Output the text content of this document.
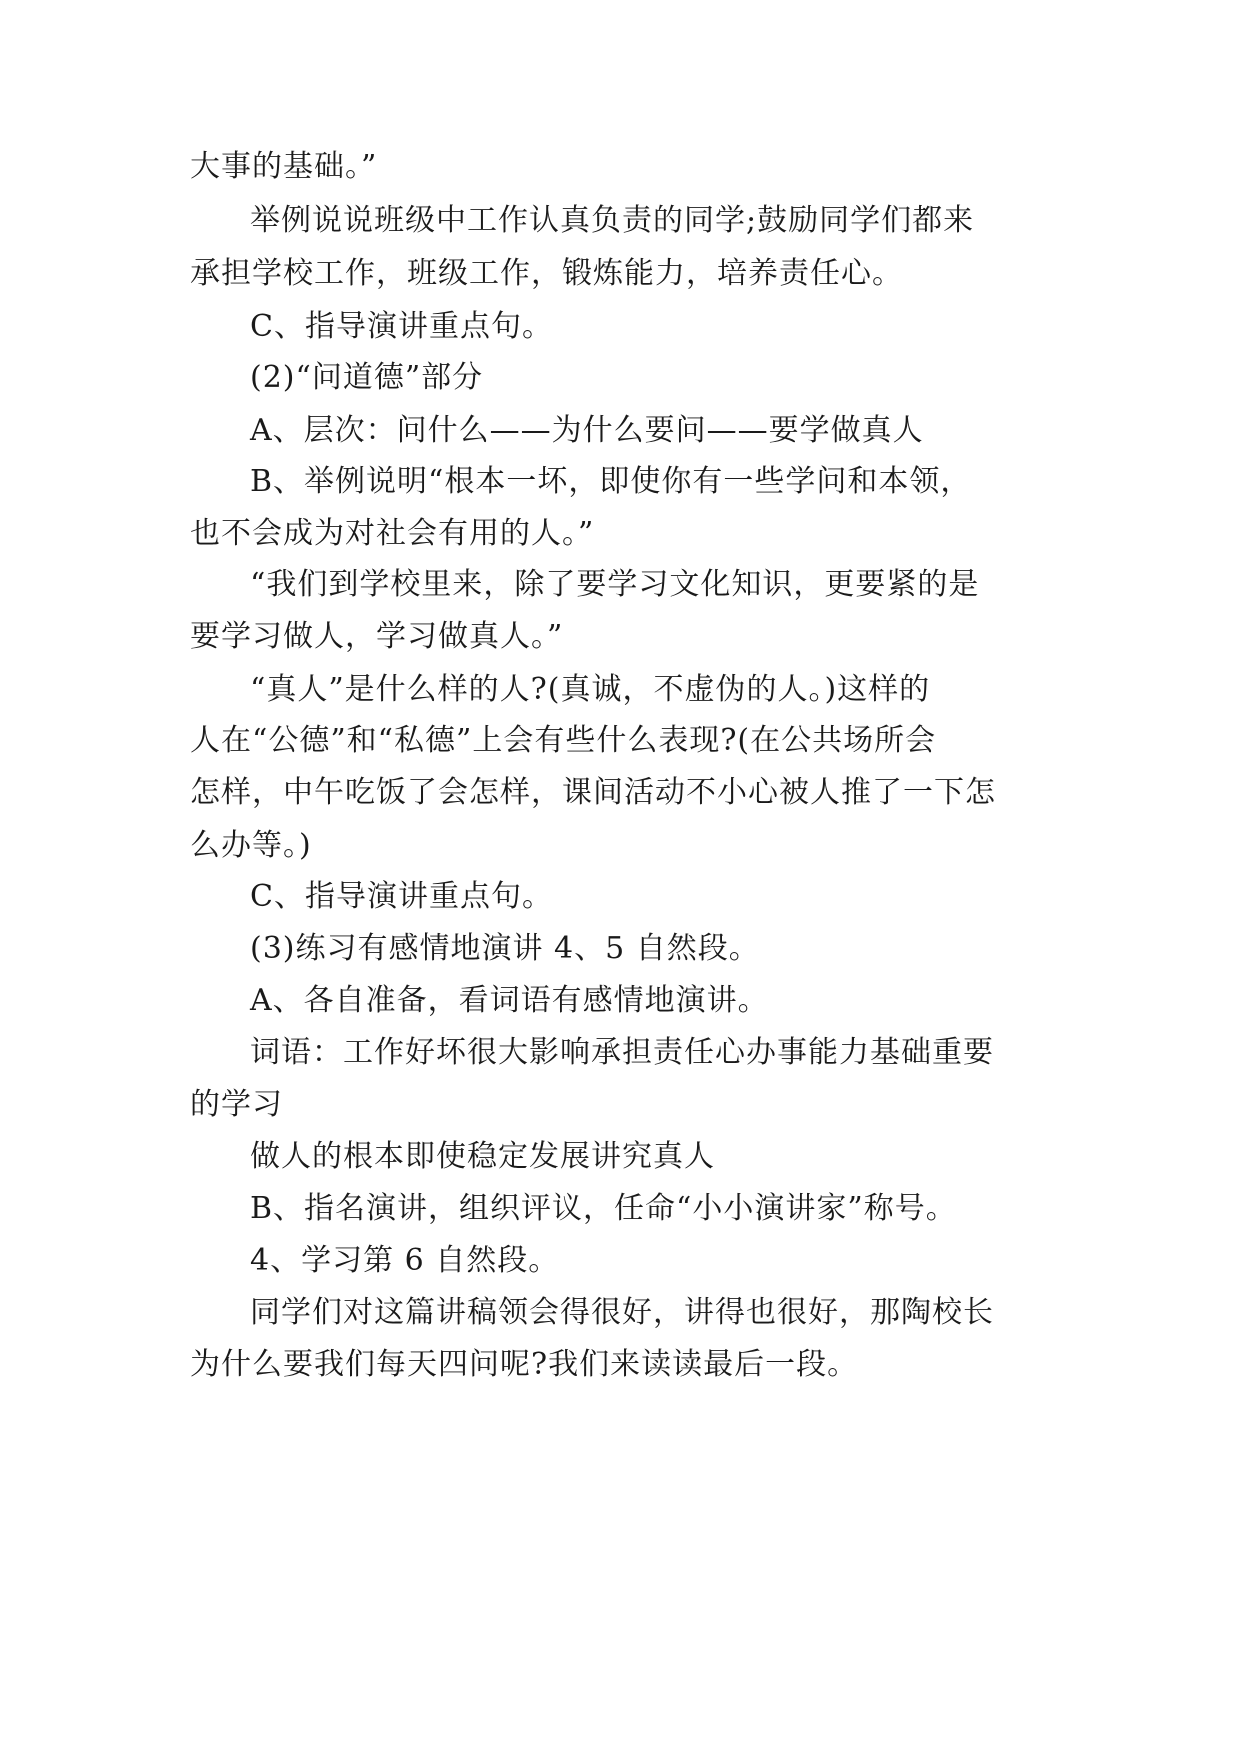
大事的基础。”
举例说说班级中工作认真负责的同学;鼓励同学们都来
承担学校工作，班级工作，锻炼能力，培养责任心。
C、指导演讲重点句。
(2)“问道德”部分
A、层次：问什么——为什么要问——要学做真人
B、举例说明“根本一坏，即使你有一些学问和本领，
也不会成为对社会有用的人。”
“我们到学校里来，除了要学习文化知识，更要紧的是
要学习做人，学习做真人。”
“真人”是什么样的人?(真诚，不虚伪的人。)这样的
人在“公德”和“私德”上会有些什么表现?(在公共场所会
怎样，中午吃饭了会怎样，课间活动不小心被人推了一下怎
么办等。)
C、指导演讲重点句。
(3)练习有感情地演讲 4、5 自然段。
A、各自准备，看词语有感情地演讲。
词语：工作好坏很大影响承担责任心办事能力基础重要
的学习
做人的根本即使稳定发展讲究真人
B、指名演讲，组织评议，任命“小小演讲家”称号。
4、学习第 6 自然段。
同学们对这篇讲稿领会得很好，讲得也很好，那陶校长
为什么要我们每天四问呢?我们来读读最后一段。
